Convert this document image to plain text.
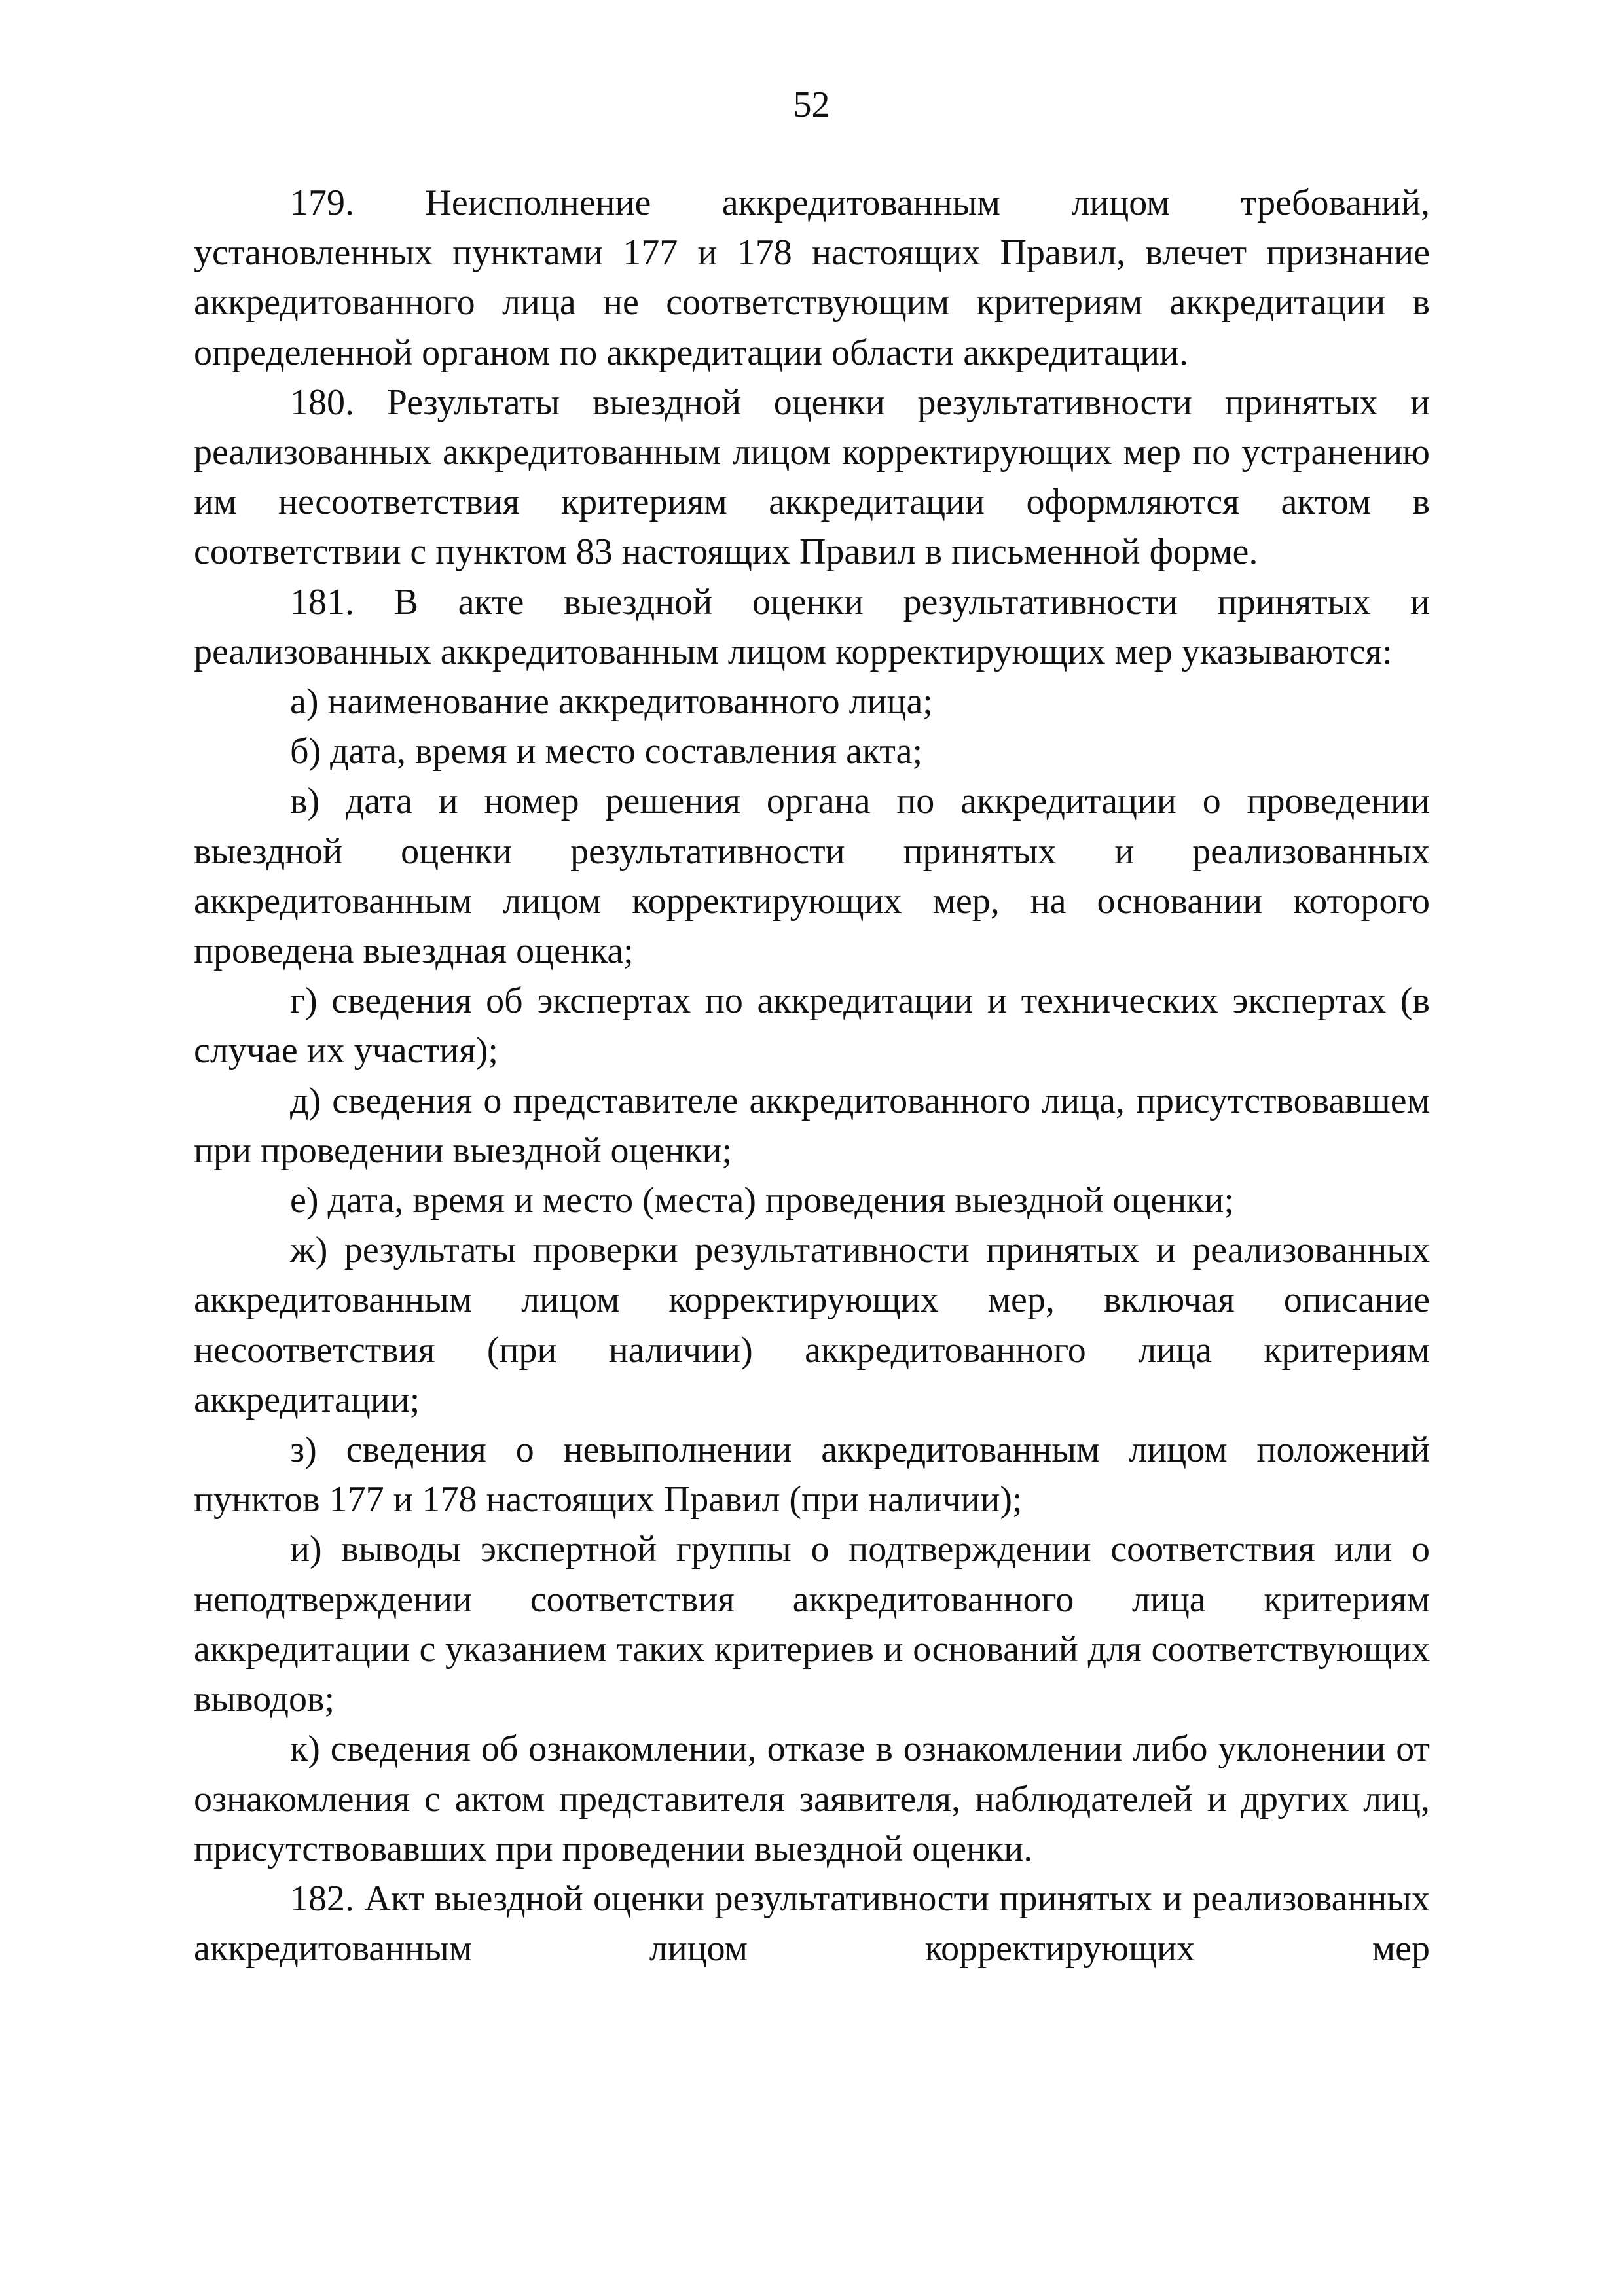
52

179. Неисполнение аккредитованным лицом требований, установленных пунктами 177 и 178 настоящих Правил, влечет признание аккредитованного лица не соответствующим критериям аккредитации в определенной органом по аккредитации области аккредитации.

180. Результаты выездной оценки результативности принятых и реализованных аккредитованным лицом корректирующих мер по устранению им несоответствия критериям аккредитации оформляются актом в соответствии с пунктом 83 настоящих Правил в письменной форме.

181. В акте выездной оценки результативности принятых и реализованных аккредитованным лицом корректирующих мер указываются:

а) наименование аккредитованного лица;

б) дата, время и место составления акта;

в) дата и номер решения органа по аккредитации о проведении выездной оценки результативности принятых и реализованных аккредитованным лицом корректирующих мер, на основании которого проведена выездная оценка;

г) сведения об экспертах по аккредитации и технических экспертах (в случае их участия);

д) сведения о представителе аккредитованного лица, присутствовавшем при проведении выездной оценки;

е) дата, время и место (места) проведения выездной оценки;

ж) результаты проверки результативности принятых и реализованных аккредитованным лицом корректирующих мер, включая описание несоответствия (при наличии) аккредитованного лица критериям аккредитации;

з) сведения о невыполнении аккредитованным лицом положений пунктов 177 и 178 настоящих Правил (при наличии);

и) выводы экспертной группы о подтверждении соответствия или о неподтверждении соответствия аккредитованного лица критериям аккредитации с указанием таких критериев и оснований для соответствующих выводов;

к) сведения об ознакомлении, отказе в ознакомлении либо уклонении от ознакомления с актом представителя заявителя, наблюдателей и других лиц, присутствовавших при проведении выездной оценки.

182. Акт выездной оценки результативности принятых и реализованных аккредитованным лицом корректирующих мер
